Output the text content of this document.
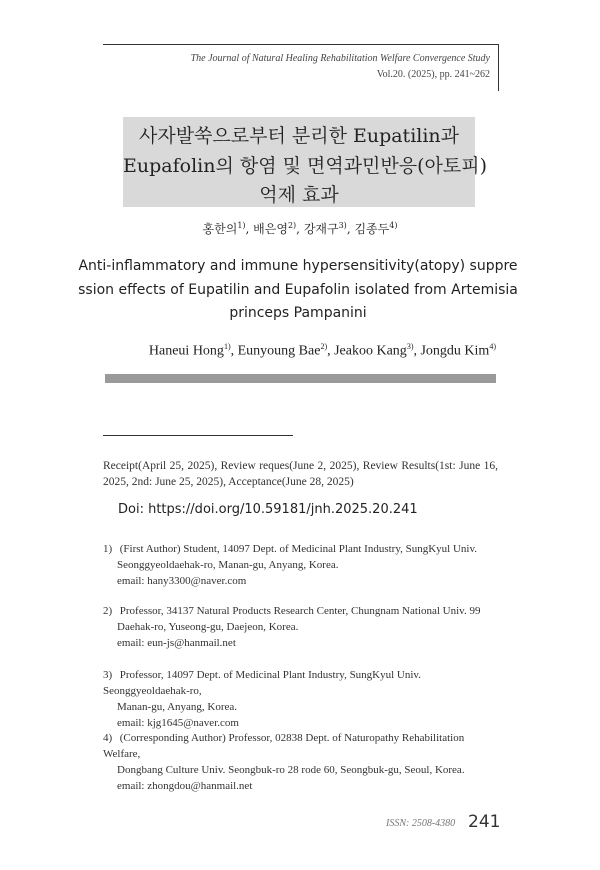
The Journal of Natural Healing Rehabilitation Welfare Convergence Study
Vol.20. (2025), pp. 241~262
사자발쑥으로부터 분리한 Eupatilin과
Eupafolin의 항염 및 면역과민반응(아토피)
억제 효과
홍한의$^{1)}$, 배은영$^{2)}$, 강재구$^{3)}$, 김종두$^{4)}$
Anti-inflammatory and immune hypersensitivity(atopy) suppre
ssion effects of Eupatilin and Eupafolin isolated from Artemisia
princeps Pampanini
Haneui Hong$^{1)}$, Eunyoung Bae$^{2)}$, Jeakoo Kang$^{3)}$, Jongdu Kim$^{4)}$
Receipt(April 25, 2025), Review reques(June 2, 2025), Review Results(1st: June 16, 2025, 2nd: June 25, 2025), Acceptance(June 28, 2025)
Doi: https://doi.org/10.59181/jnh.2025.20.241
1) (First Author) Student, 14097 Dept. of Medicinal Plant Industry, SungKyul Univ.
Seonggyeoldaehak-ro, Manan-gu, Anyang, Korea.
email: hany3300@naver.com
2) Professor, 34137 Natural Products Research Center, Chungnam National Univ. 99
Daehak-ro, Yuseong-gu, Daejeon, Korea.
email: eun-js@hanmail.net
3) Professor, 14097 Dept. of Medicinal Plant Industry, SungKyul Univ. Seonggyeoldaehak-ro,
Manan-gu, Anyang, Korea.
email: kjg1645@naver.com
4) (Corresponding Author) Professor, 02838 Dept. of Naturopathy Rehabilitation Welfare,
Dongbang Culture Univ. Seongbuk-ro 28 rode 60, Seongbuk-gu, Seoul, Korea.
email: zhongdou@hanmail.net
ISSN: 2508-4380 241
